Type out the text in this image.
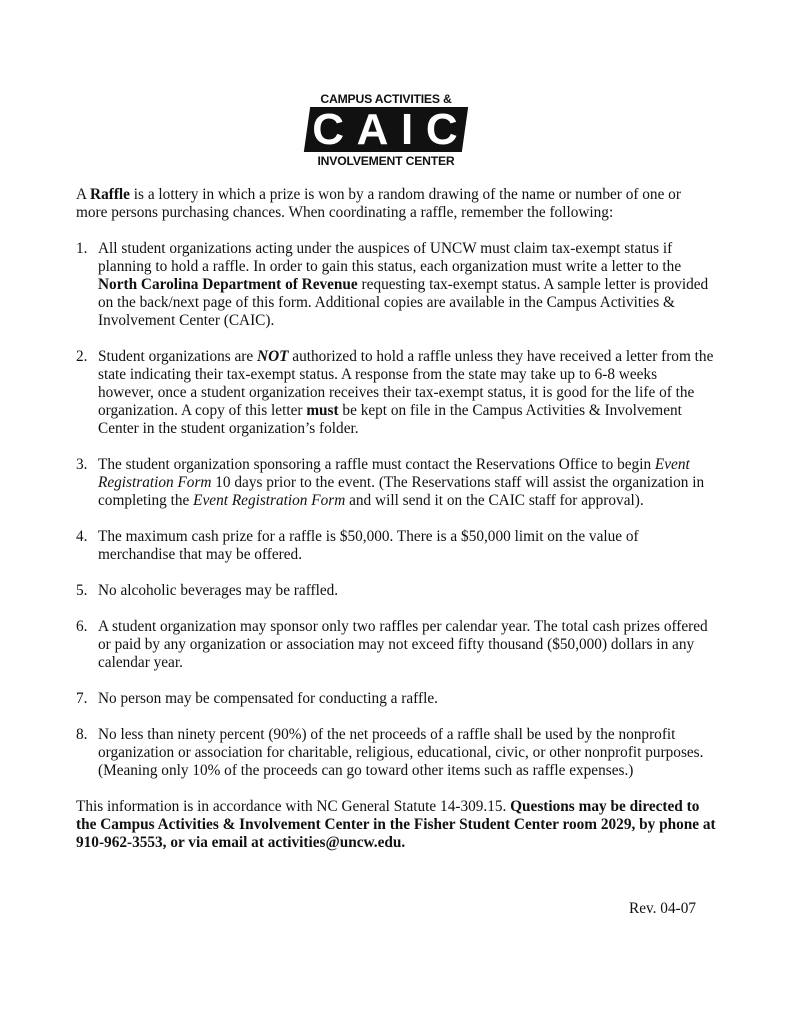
CAMPUS ACTIVITIES &
C A I C
INVOLVEMENT CENTER

A Raffle is a lottery in which a prize is won by a random drawing of the name or number of one or more persons purchasing chances. When coordinating a raffle, remember the following:

1. All student organizations acting under the auspices of UNCW must claim tax-exempt status if planning to hold a raffle. In order to gain this status, each organization must write a letter to the North Carolina Department of Revenue requesting tax-exempt status. A sample letter is provided on the back/next page of this form. Additional copies are available in the Campus Activities & Involvement Center (CAIC).
2. Student organizations are NOT authorized to hold a raffle unless they have received a letter from the state indicating their tax-exempt status. A response from the state may take up to 6-8 weeks however, once a student organization receives their tax-exempt status, it is good for the life of the organization. A copy of this letter must be kept on file in the Campus Activities & Involvement Center in the student organization’s folder.
3. The student organization sponsoring a raffle must contact the Reservations Office to begin Event Registration Form 10 days prior to the event. (The Reservations staff will assist the organization in completing the Event Registration Form and will send it on the CAIC staff for approval).
4. The maximum cash prize for a raffle is $50,000. There is a $50,000 limit on the value of merchandise that may be offered.
5. No alcoholic beverages may be raffled.
6. A student organization may sponsor only two raffles per calendar year. The total cash prizes offered or paid by any organization or association may not exceed fifty thousand ($50,000) dollars in any calendar year.
7. No person may be compensated for conducting a raffle.
8. No less than ninety percent (90%) of the net proceeds of a raffle shall be used by the nonprofit organization or association for charitable, religious, educational, civic, or other nonprofit purposes. (Meaning only 10% of the proceeds can go toward other items such as raffle expenses.)

This information is in accordance with NC General Statute 14-309.15. Questions may be directed to the Campus Activities & Involvement Center in the Fisher Student Center room 2029, by phone at 910-962-3553, or via email at activities@uncw.edu.

Rev. 04-07
